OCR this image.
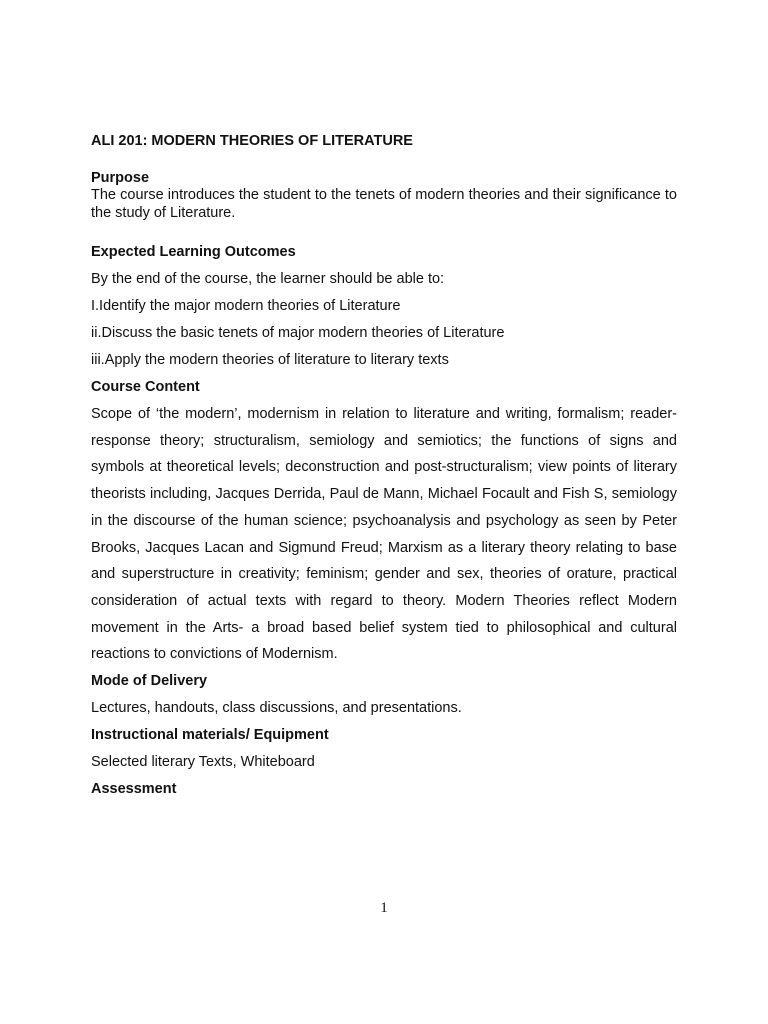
ALI 201: MODERN THEORIES OF LITERATURE
Purpose

The course introduces the student to the tenets of modern theories and their significance to the study of Literature.

Expected Learning Outcomes

By the end of the course, the learner should be able to:

I.Identify the major modern theories of Literature

ii.Discuss the basic tenets of major modern theories of Literature

iii.Apply the modern theories of literature to literary texts

Course Content

Scope of ‘the modern’, modernism in relation to literature and writing, formalism; reader-response theory; structuralism, semiology and semiotics; the functions of signs and symbols at theoretical levels; deconstruction and post-structuralism; view points of literary theorists including, Jacques Derrida, Paul de Mann, Michael Focault and Fish S, semiology in the discourse of the human science; psychoanalysis and psychology as seen by Peter Brooks, Jacques Lacan and Sigmund Freud; Marxism as a literary theory relating to base and superstructure in creativity; feminism; gender and sex, theories of orature, practical consideration of actual texts with regard to theory. Modern Theories reflect Modern movement in the Arts- a broad based belief system tied to philosophical and cultural reactions to convictions of Modernism.

Mode of Delivery

Lectures, handouts, class discussions, and presentations.

Instructional materials/ Equipment

Selected literary Texts, Whiteboard

Assessment
1
